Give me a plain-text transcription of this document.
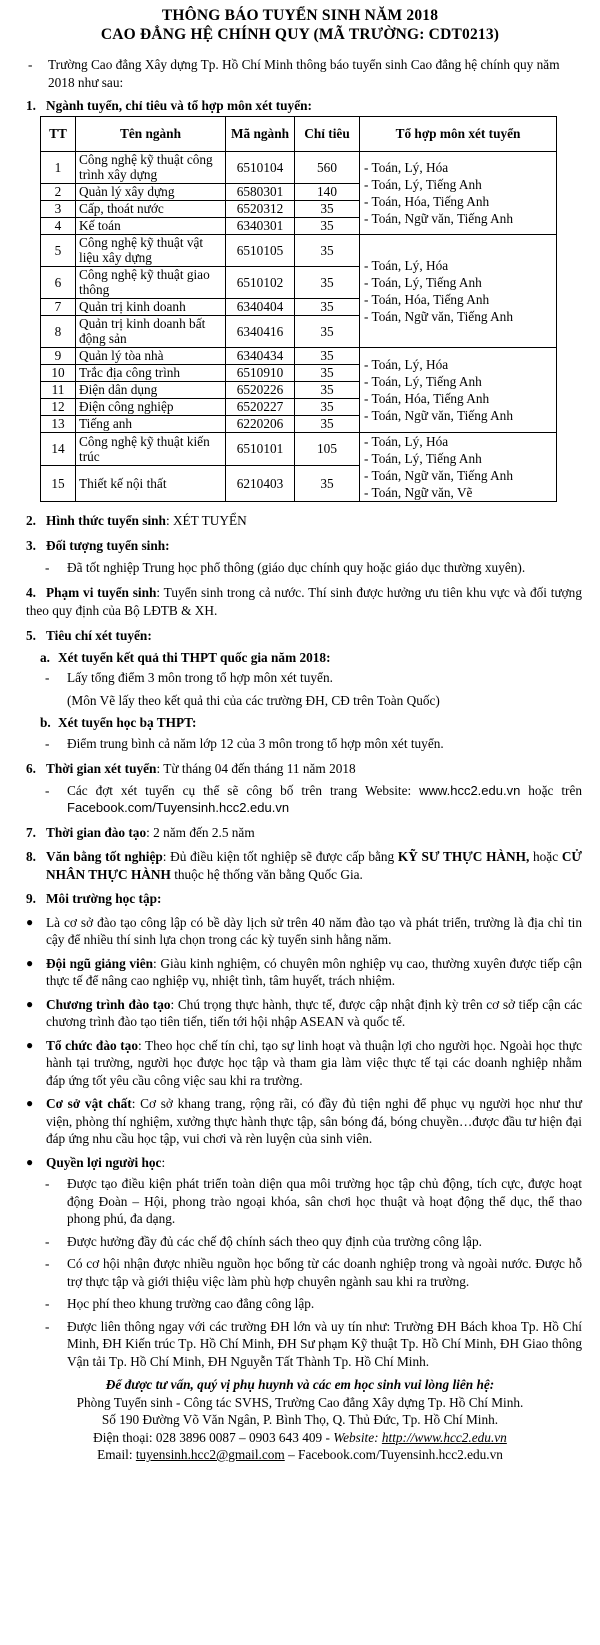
THÔNG BÁO TUYỂN SINH NĂM 2018
CAO ĐẲNG HỆ CHÍNH QUY (MÃ TRƯỜNG: CDT0213)
-	Trường Cao đẳng Xây dựng Tp. Hồ Chí Minh thông báo tuyển sinh Cao đẳng hệ chính quy năm 2018 như sau:
1. Ngành tuyển, chỉ tiêu và tổ hợp môn xét tuyển:
TT	Tên ngành	Mã ngành	Chỉ tiêu	Tổ hợp môn xét tuyển
1	Công nghệ kỹ thuật công trình xây dựng	6510104	560	- Toán, Lý, Hóa
- Toán, Lý, Tiếng Anh
- Toán, Hóa, Tiếng Anh
- Toán, Ngữ văn, Tiếng Anh

2	Quản lý xây dựng	6580301	140	
3	Cấp, thoát nước	6520312	35	
4	Kế toán	6340301	35	
5	Công nghệ kỹ thuật vật liệu xây dựng	6510105	35	- Toán, Lý, Hóa
- Toán, Lý, Tiếng Anh
- Toán, Hóa, Tiếng Anh
- Toán, Ngữ văn, Tiếng Anh

6	Công nghệ kỹ thuật giao thông	6510102	35	
7	Quản trị kinh doanh	6340404	35	
8	Quản trị kinh doanh bất động sản	6340416	35	
9	Quản lý tòa nhà	6340434	35	- Toán, Lý, Hóa
- Toán, Lý, Tiếng Anh
- Toán, Hóa, Tiếng Anh
- Toán, Ngữ văn, Tiếng Anh

10	Trắc địa công trình	6510910	35	
11	Điện dân dụng	6520226	35	
12	Điện công nghiệp	6520227	35	
13	Tiếng anh	6220206	35	
14	Công nghệ kỹ thuật kiến trúc	6510101	105	- Toán, Lý, Hóa
- Toán, Lý, Tiếng Anh
- Toán, Ngữ văn, Tiếng Anh
- Toán, Ngữ văn, Vẽ

15	Thiết kế nội thất	6210403	35	
2. Hình thức tuyển sinh: XÉT TUYỂN
3. Đối tượng tuyển sinh:
-	Đã tốt nghiệp Trung học phổ thông (giáo dục chính quy hoặc giáo dục thường xuyên).
4. Phạm vi tuyển sinh: Tuyển sinh trong cả nước. Thí sinh được hưởng ưu tiên khu vực và đối tượng theo quy định của Bộ LĐTB & XH.
5. Tiêu chí xét tuyển:
a. Xét tuyển kết quả thi THPT quốc gia năm 2018:
-	Lấy tổng điểm 3 môn trong tổ hợp môn xét tuyển.
(Môn Vẽ lấy theo kết quả thi của các trường ĐH, CĐ trên Toàn Quốc)
b. Xét tuyển học bạ THPT:
-	Điểm trung bình cả năm lớp 12 của 3 môn trong tổ hợp môn xét tuyển.
6. Thời gian xét tuyển: Từ tháng 04 đến tháng 11 năm 2018
-	Các đợt xét tuyển cụ thể sẽ công bố trên trang Website: www.hcc2.edu.vn hoặc trên Facebook.com/Tuyensinh.hcc2.edu.vn
7. Thời gian đào tạo: 2 năm đến 2.5 năm
8. Văn bằng tốt nghiệp: Đủ điều kiện tốt nghiệp sẽ được cấp bằng KỸ SƯ THỰC HÀNH, hoặc CỬ NHÂN THỰC HÀNH thuộc hệ thống văn bằng Quốc Gia.
9. Môi trường học tập:
● Là cơ sở đào tạo công lập có bề dày lịch sử trên 40 năm đào tạo và phát triển, trường là địa chỉ tin cậy để nhiều thí sinh lựa chọn trong các kỳ tuyển sinh hằng năm.
● Đội ngũ giảng viên: Giàu kinh nghiệm, có chuyên môn nghiệp vụ cao, thường xuyên được tiếp cận thực tế để nâng cao nghiệp vụ, nhiệt tình, tâm huyết, trách nhiệm.
● Chương trình đào tạo: Chú trọng thực hành, thực tế, được cập nhật định kỳ trên cơ sở tiếp cận các chương trình đào tạo tiên tiến, tiến tới hội nhập ASEAN và quốc tế.
● Tổ chức đào tạo: Theo học chế tín chỉ, tạo sự linh hoạt và thuận lợi cho người học. Ngoài học thực hành tại trường, người học được học tập và tham gia làm việc thực tế tại các doanh nghiệp nhằm đáp ứng tốt yêu cầu công việc sau khi ra trường.
● Cơ sở vật chất: Cơ sở khang trang, rộng rãi, có đầy đủ tiện nghi để phục vụ người học như thư viện, phòng thí nghiệm, xưởng thực hành thực tập, sân bóng đá, bóng chuyền…được đầu tư hiện đại đáp ứng nhu cầu học tập, vui chơi và rèn luyện của sinh viên.
● Quyền lợi người học:
-	Được tạo điều kiện phát triển toàn diện qua môi trường học tập chủ động, tích cực, được hoạt động Đoàn – Hội, phong trào ngoại khóa, sân chơi học thuật và hoạt động thể dục, thể thao phong phú, đa dạng.
-	Được hưởng đầy đủ các chế độ chính sách theo quy định của trường công lập.
-	Có cơ hội nhận được nhiều nguồn học bổng từ các doanh nghiệp trong và ngoài nước. Được hỗ trợ thực tập và giới thiệu việc làm phù hợp chuyên ngành sau khi ra trường.
-	Học phí theo khung trường cao đẳng công lập.
-	Được liên thông ngay với các trường ĐH lớn và uy tín như: Trường ĐH Bách khoa Tp. Hồ Chí Minh, ĐH Kiến trúc Tp. Hồ Chí Minh, ĐH Sư phạm Kỹ thuật Tp. Hồ Chí Minh, ĐH Giao thông Vận tải Tp. Hồ Chí Minh, ĐH Nguyễn Tất Thành Tp. Hồ Chí Minh.
Để được tư vấn, quý vị phụ huynh và các em học sinh vui lòng liên hệ:
Phòng Tuyển sinh - Công tác SVHS, Trường Cao đẳng Xây dựng Tp. Hồ Chí Minh.
Số 190 Đường Võ Văn Ngân, P. Bình Thọ, Q. Thủ Đức, Tp. Hồ Chí Minh.
Điện thoại: 028 3896 0087 – 0903 643 409 - Website: http://www.hcc2.edu.vn
Email: tuyensinh.hcc2@gmail.com – Facebook.com/Tuyensinh.hcc2.edu.vn
